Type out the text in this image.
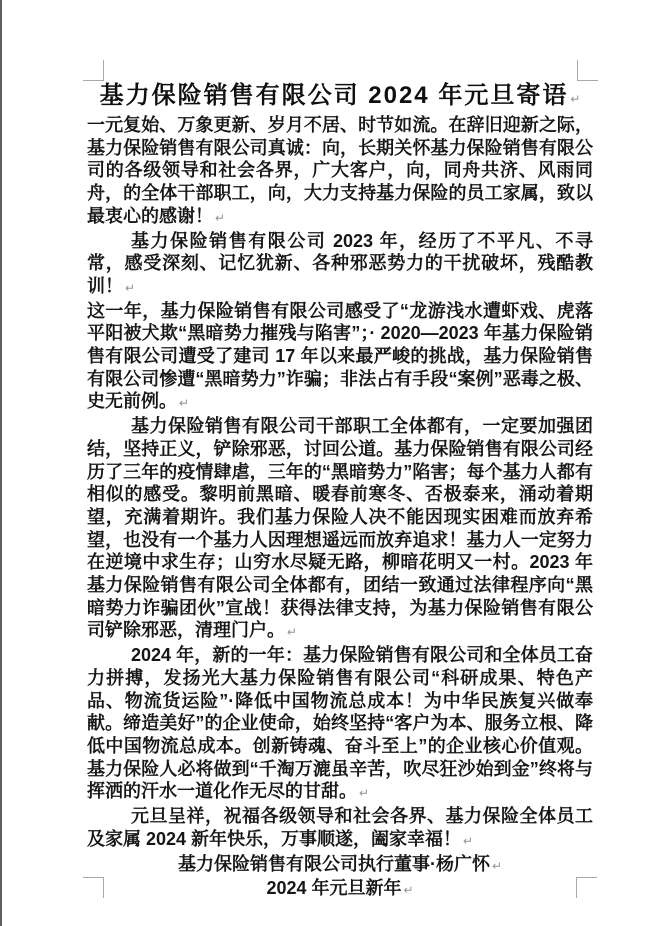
基力保险销售有限公司 2024 年元旦寄语 ↵

一元复始、万象更新、岁月不居、时节如流。在辞旧迎新之际，基力保险销售有限公司真诚：向，长期关怀基力保险销售有限公司的各级领导和社会各界，广大客户，向，同舟共济、风雨同舟，的全体干部职工，向，大力支持基力保险的员工家属，致以最衷心的感谢！ ↵

基力保险销售有限公司 2023 年，经历了不平凡、不寻常，感受深刻、记忆犹新、各种邪恶势力的干扰破坏，残酷教训！ ↵

这一年，基力保险销售有限公司感受了“龙游浅水遭虾戏、虎落平阳被犬欺“黑暗势力摧残与陷害”；· 2020—2023 年基力保险销售有限公司遭受了建司 17 年以来最严峻的挑战，基力保险销售有限公司惨遭“黑暗势力”诈骗；非法占有手段“案例”恶毒之极、史无前例。 ↵

基力保险销售有限公司干部职工全体都有，一定要加强团结，坚持正义，铲除邪恶，讨回公道。基力保险销售有限公司经历了三年的疫情肆虐，三年的“黑暗势力”陷害；每个基力人都有相似的感受。黎明前黑暗、暖春前寒冬、否极泰来，涌动着期望，充满着期许。我们基力保险人决不能因现实困难而放弃希望，也没有一个基力人因理想遥远而放弃追求！基力人一定努力在逆境中求生存；山穷水尽疑无路，柳暗花明又一村。2023 年基力保险销售有限公司全体都有，团结一致通过法律程序向“黑暗势力诈骗团伙”宣战！获得法律支持，为基力保险销售有限公司铲除邪恶，清理门户。 ↵

2024 年，新的一年：基力保险销售有限公司和全体员工奋力拼搏，发扬光大基力保险销售有限公司“科研成果、特色产品、物流货运险”·降低中国物流总成本！为中华民族复兴做奉献。缔造美好”的企业使命，始终坚持“客户为本、服务立根、降低中国物流总成本。创新铸魂、奋斗至上”的企业核心价值观。基力保险人必将做到“千淘万漉虽辛苦，吹尽狂沙始到金”终将与挥洒的汗水一道化作无尽的甘甜。 ↵

元旦呈祥，祝福各级领导和社会各界、基力保险全体员工及家属 2024 新年快乐，万事顺遂，阖家幸福！ ↵

基力保险销售有限公司执行董事·杨广怀 ↵

2024 年元旦新年 ↵
